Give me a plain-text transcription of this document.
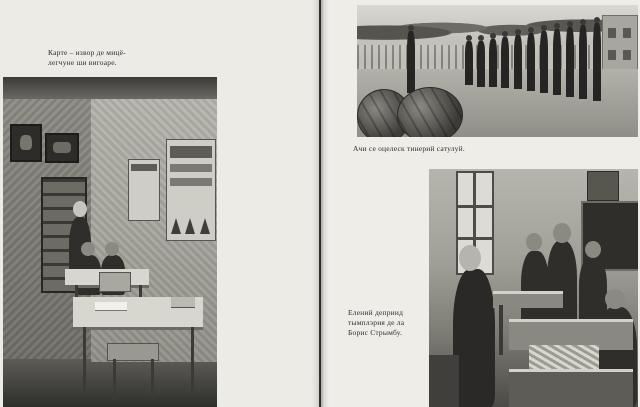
Карте – извор де мицё-
легчуне ши вигоаре.
Ачи се оцелеск тинерий сатулуй.
Елений деприид
тымплэрия де ла
Борис Стрымбу.
